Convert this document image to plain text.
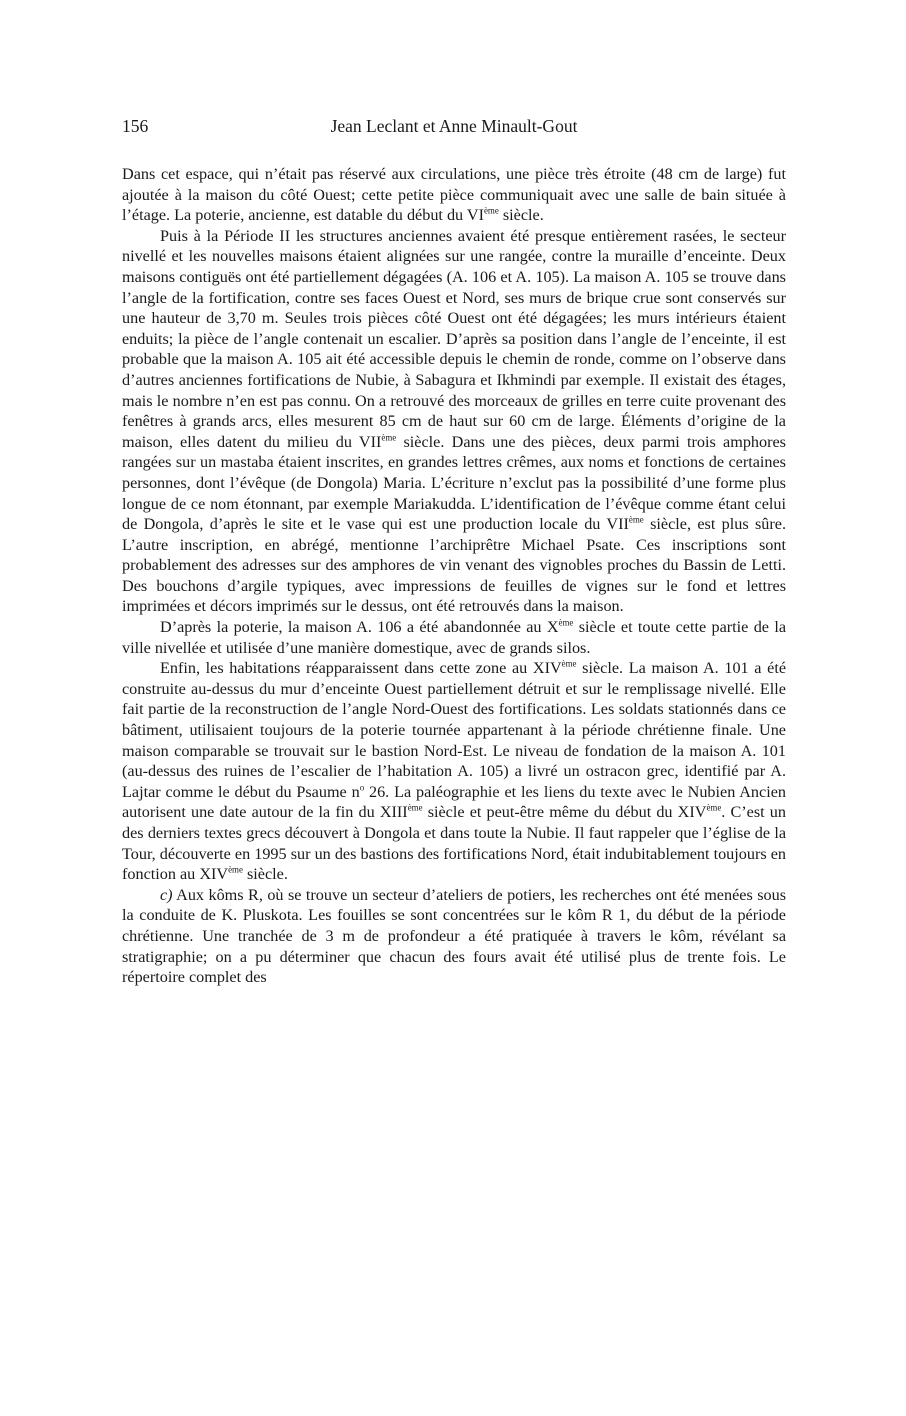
156	Jean Leclant et Anne Minault-Gout

Dans cet espace, qui n’était pas réservé aux circulations, une pièce très étroite (48 cm de large) fut ajoutée à la maison du côté Ouest; cette petite pièce communiquait avec une salle de bain située à l’étage. La poterie, ancienne, est datable du début du VIème siècle.

Puis à la Période II les structures anciennes avaient été presque entièrement rasées, le secteur nivellé et les nouvelles maisons étaient alignées sur une rangée, contre la muraille d’enceinte. Deux maisons contiguës ont été partiellement dégagées (A. 106 et A. 105). La maison A. 105 se trouve dans l’angle de la fortification, contre ses faces Ouest et Nord, ses murs de brique crue sont conservés sur une hauteur de 3,70 m. Seules trois pièces côté Ouest ont été dégagées; les murs intérieurs étaient enduits; la pièce de l’angle contenait un escalier. D’après sa position dans l’angle de l’enceinte, il est probable que la maison A. 105 ait été accessible depuis le chemin de ronde, comme on l’observe dans d’autres anciennes fortifications de Nubie, à Sabagura et Ikhmindi par exemple. Il existait des étages, mais le nombre n’en est pas connu. On a retrouvé des morceaux de grilles en terre cuite provenant des fenêtres à grands arcs, elles mesurent 85 cm de haut sur 60 cm de large. Éléments d’origine de la maison, elles datent du milieu du VIIème siècle. Dans une des pièces, deux parmi trois amphores rangées sur un mastaba étaient inscrites, en grandes lettres crêmes, aux noms et fonctions de certaines personnes, dont l’évêque (de Dongola) Maria. L’écriture n’exclut pas la possibilité d’une forme plus longue de ce nom étonnant, par exemple Mariakudda. L’identification de l’évêque comme étant celui de Dongola, d’après le site et le vase qui est une production locale du VIIème siècle, est plus sûre. L’autre inscription, en abrégé, mentionne l’archiprêtre Michael Psate. Ces inscriptions sont probablement des adresses sur des amphores de vin venant des vignobles proches du Bassin de Letti. Des bouchons d’argile typiques, avec impressions de feuilles de vignes sur le fond et lettres imprimées et décors imprimés sur le dessus, ont été retrouvés dans la maison.

D’après la poterie, la maison A. 106 a été abandonnée au Xème siècle et toute cette partie de la ville nivellée et utilisée d’une manière domestique, avec de grands silos.

Enfin, les habitations réapparaissent dans cette zone au XIVème siècle. La maison A. 101 a été construite au-dessus du mur d’enceinte Ouest partiellement détruit et sur le remplissage nivellé. Elle fait partie de la reconstruction de l’angle Nord-Ouest des fortifications. Les soldats stationnés dans ce bâtiment, utilisaient toujours de la poterie tournée appartenant à la période chrétienne finale. Une maison comparable se trouvait sur le bastion Nord-Est. Le niveau de fondation de la maison A. 101 (au-dessus des ruines de l’escalier de l’habitation A. 105) a livré un ostracon grec, identifié par A. Lajtar comme le début du Psaume $n^o$ 26. La paléographie et les liens du texte avec le Nubien Ancien autorisent une date autour de la fin du XIIIème siècle et peut-être même du début du XIVème. C’est un des derniers textes grecs découvert à Dongola et dans toute la Nubie. Il faut rappeler que l’église de la Tour, découverte en 1995 sur un des bastions des fortifications Nord, était indubitablement toujours en fonction au XIVème siècle.

c) Aux kôms R, où se trouve un secteur d’ateliers de potiers, les recherches ont été menées sous la conduite de K. Pluskota. Les fouilles se sont concentrées sur le kôm R 1, du début de la période chrétienne. Une tranchée de 3 m de profondeur a été pratiquée à travers le kôm, révélant sa stratigraphie; on a pu déterminer que chacun des fours avait été utilisé plus de trente fois. Le répertoire complet des
